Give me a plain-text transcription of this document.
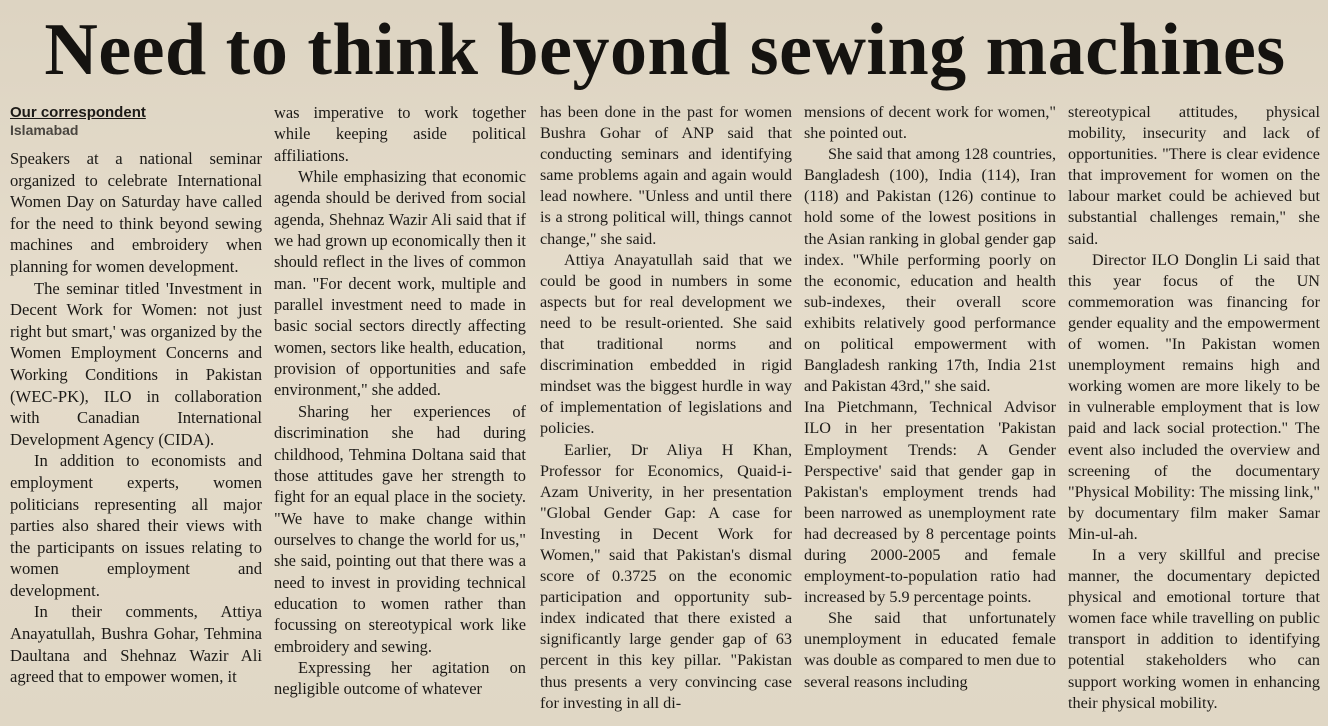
Need to think beyond sewing machines
Our correspondent
Islamabad

Speakers at a national seminar organized to celebrate International Women Day on Saturday have called for the need to think beyond sewing machines and embroidery when planning for women development.

The seminar titled 'Investment in Decent Work for Women: not just right but smart,' was organized by the Women Employment Concerns and Working Conditions in Pakistan (WEC-PK), ILO in collaboration with Canadian International Development Agency (CIDA).

In addition to economists and employment experts, women politicians representing all major parties also shared their views with the participants on issues relating to women employment and development.

In their comments, Attiya Anayatullah, Bushra Gohar, Tehmina Daultana and Shehnaz Wazir Ali agreed that to empower women, it

was imperative to work together while keeping aside political affiliations.

While emphasizing that economic agenda should be derived from social agenda, Shehnaz Wazir Ali said that if we had grown up economically then it should reflect in the lives of common man. "For decent work, multiple and parallel investment need to made in basic social sectors directly affecting women, sectors like health, education, provision of opportunities and safe environment," she added.

Sharing her experiences of discrimination she had during childhood, Tehmina Doltana said that those attitudes gave her strength to fight for an equal place in the society. "We have to make change within ourselves to change the world for us," she said, pointing out that there was a need to invest in providing technical education to women rather than focussing on stereotypical work like embroidery and sewing.

Expressing her agitation on negligible outcome of whatever

has been done in the past for women Bushra Gohar of ANP said that conducting seminars and identifying same problems again and again would lead nowhere. "Unless and until there is a strong political will, things cannot change," she said.

Attiya Anayatullah said that we could be good in numbers in some aspects but for real development we need to be result-oriented. She said that traditional norms and discrimination embedded in rigid mindset was the biggest hurdle in way of implementation of legislations and policies.

Earlier, Dr Aliya H Khan, Professor for Economics, Quaid-i-Azam Univerity, in her presentation "Global Gender Gap: A case for Investing in Decent Work for Women," said that Pakistan's dismal score of 0.3725 on the economic participation and opportunity sub-index indicated that there existed a significantly large gender gap of 63 percent in this key pillar. "Pakistan thus presents a very convincing case for investing in all di-

mensions of decent work for women," she pointed out.

She said that among 128 countries, Bangladesh (100), India (114), Iran (118) and Pakistan (126) continue to hold some of the lowest positions in the Asian ranking in global gender gap index. "While performing poorly on the economic, education and health sub-indexes, their overall score exhibits relatively good performance on political empowerment with Bangladesh ranking 17th, India 21st and Pakistan 43rd," she said.

Ina Pietchmann, Technical Advisor ILO in her presentation 'Pakistan Employment Trends: A Gender Perspective' said that gender gap in Pakistan's employment trends had been narrowed as unemployment rate had decreased by 8 percentage points during 2000-2005 and female employment-to-population ratio had increased by 5.9 percentage points.

She said that unfortunately unemployment in educated female was double as compared to men due to several reasons including

stereotypical attitudes, physical mobility, insecurity and lack of opportunities. "There is clear evidence that improvement for women on the labour market could be achieved but substantial challenges remain," she said.

Director ILO Donglin Li said that this year focus of the UN commemoration was financing for gender equality and the empowerment of women. "In Pakistan women unemployment remains high and working women are more likely to be in vulnerable employment that is low paid and lack social protection." The event also included the overview and screening of the documentary "Physical Mobility: The missing link," by documentary film maker Samar Min-ul-ah.

In a very skillful and precise manner, the documentary depicted physical and emotional torture that women face while travelling on public transport in addition to identifying potential stakeholders who can support working women in enhancing their physical mobility.
